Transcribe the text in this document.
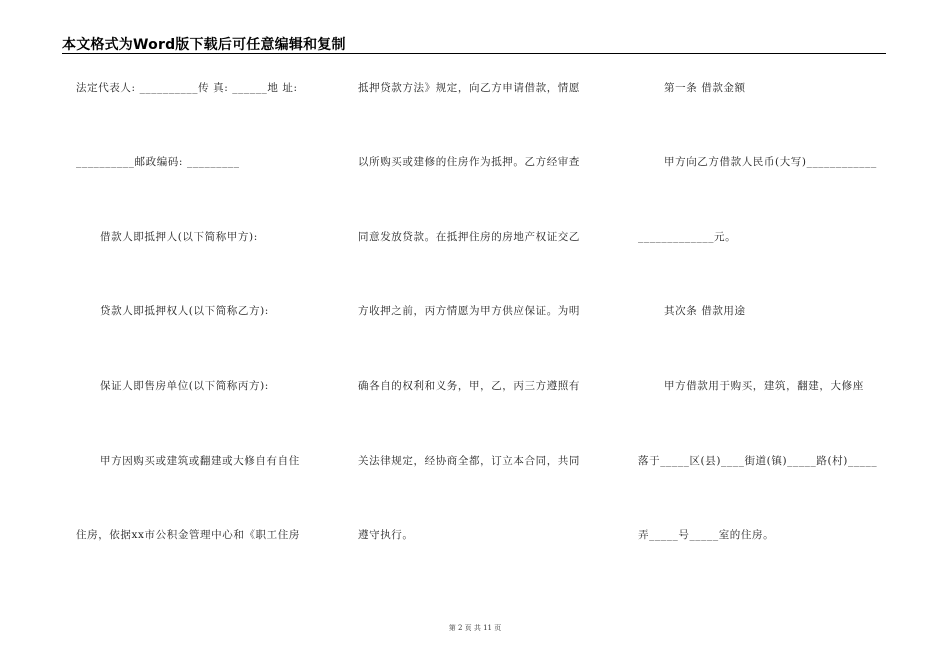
本文格式为Word版下载后可任意编辑和复制
法定代表人: __________传 真: ______地 址:
__________邮政编码: _________
借款人即抵押人(以下简称甲方):
贷款人即抵押权人(以下简称乙方):
保证人即售房单位(以下简称丙方):
甲方因购买或建筑或翻建或大修自有自住
住房，依据xx市公积金管理中心和《职工住房
抵押贷款方法》规定，向乙方申请借款，情愿
以所购买或建修的住房作为抵押。乙方经审查
同意发放贷款。在抵押住房的房地产权证交乙
方收押之前，丙方情愿为甲方供应保证。为明
确各自的权利和义务，甲，乙，丙三方遵照有
关法律规定，经协商全都，订立本合同，共同
遵守执行。
第一条 借款金额
甲方向乙方借款人民币(大写)____________
_____________元。
其次条 借款用途
甲方借款用于购买，建筑，翻建，大修座
落于_____区(县)____街道(镇)_____路(村)_____
弄_____号_____室的住房。
第 2 页 共 11 页
